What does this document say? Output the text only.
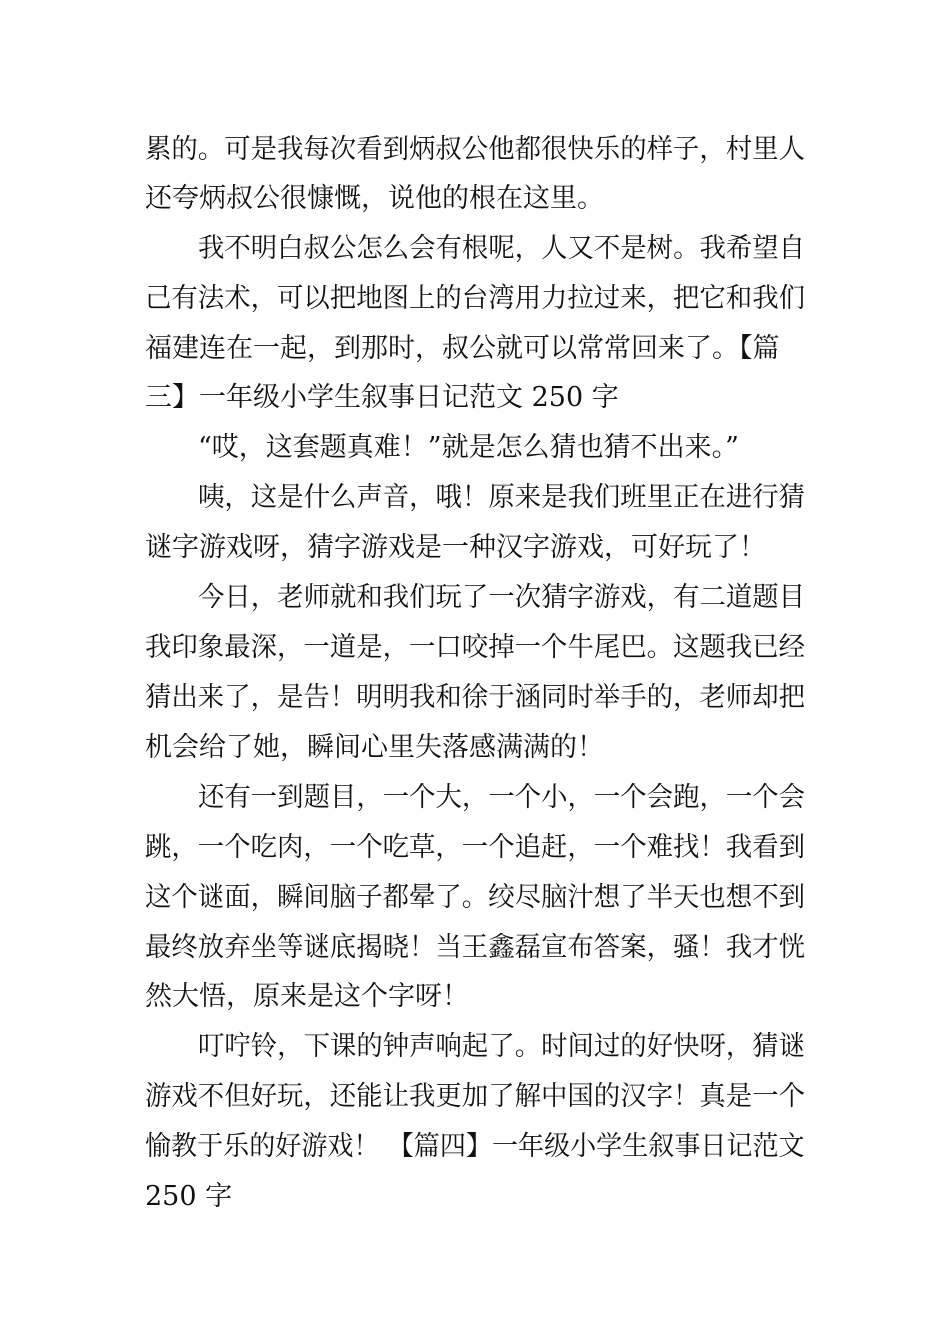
累的。可是我每次看到炳叔公他都很快乐的样子，村里人
还夸炳叔公很慷慨，说他的根在这里。
我不明白叔公怎么会有根呢，人又不是树。我希望自
己有法术，可以把地图上的台湾用力拉过来，把它和我们
福建连在一起，到那时，叔公就可以常常回来了。【篇
三】一年级小学生叙事日记范文 250 字
“哎，这套题真难！”就是怎么猜也猜不出来。”
咦，这是什么声音，哦！原来是我们班里正在进行猜
谜字游戏呀，猜字游戏是一种汉字游戏，可好玩了！
今日，老师就和我们玩了一次猜字游戏，有二道题目
我印象最深，一道是，一口咬掉一个牛尾巴。这题我已经
猜出来了，是告！明明我和徐于涵同时举手的，老师却把
机会给了她，瞬间心里失落感满满的！
还有一到题目，一个大，一个小，一个会跑，一个会
跳，一个吃肉，一个吃草，一个追赶，一个难找！我看到
这个谜面，瞬间脑子都晕了。绞尽脑汁想了半天也想不到
最终放弃坐等谜底揭晓！当王鑫磊宣布答案，骚！我才恍
然大悟，原来是这个字呀！
叮咛铃，下课的钟声响起了。时间过的好快呀，猜谜
游戏不但好玩，还能让我更加了解中国的汉字！真是一个
愉教于乐的好游戏！ 【篇四】一年级小学生叙事日记范文
250 字
